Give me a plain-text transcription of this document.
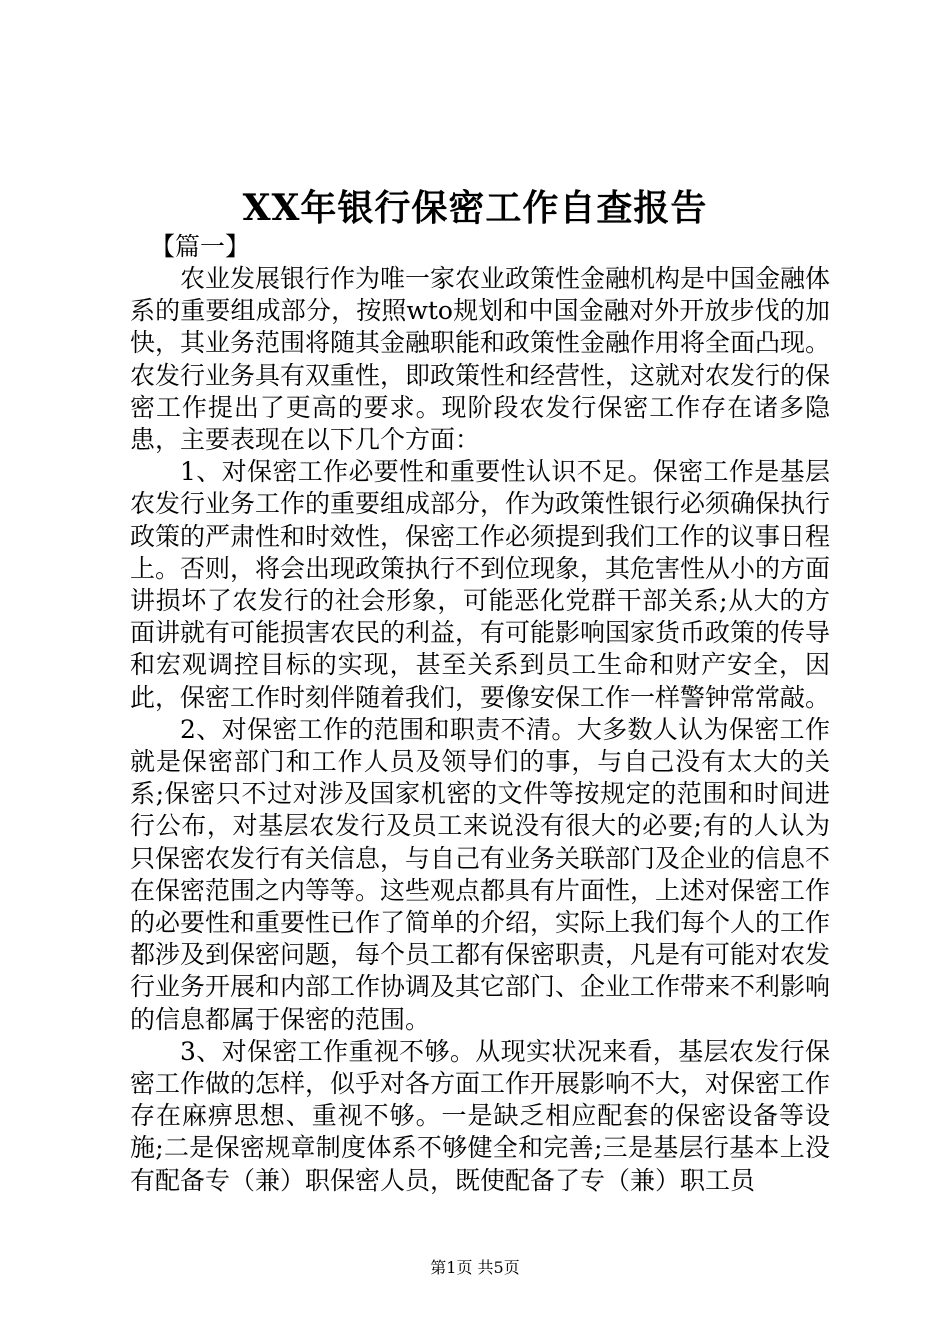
XX年银行保密工作自查报告

【篇一】

农业发展银行作为唯一家农业政策性金融机构是中国金融体系的重要组成部分，按照wto规划和中国金融对外开放步伐的加快，其业务范围将随其金融职能和政策性金融作用将全面凸现。农发行业务具有双重性，即政策性和经营性，这就对农发行的保密工作提出了更高的要求。现阶段农发行保密工作存在诸多隐患，主要表现在以下几个方面：

1、对保密工作必要性和重要性认识不足。保密工作是基层农发行业务工作的重要组成部分，作为政策性银行必须确保执行政策的严肃性和时效性，保密工作必须提到我们工作的议事日程上。否则，将会出现政策执行不到位现象，其危害性从小的方面讲损坏了农发行的社会形象，可能恶化党群干部关系;从大的方面讲就有可能损害农民的利益，有可能影响国家货币政策的传导和宏观调控目标的实现，甚至关系到员工生命和财产安全，因此，保密工作时刻伴随着我们，要像安保工作一样警钟常常敲。

2、对保密工作的范围和职责不清。大多数人认为保密工作就是保密部门和工作人员及领导们的事，与自己没有太大的关系;保密只不过对涉及国家机密的文件等按规定的范围和时间进行公布，对基层农发行及员工来说没有很大的必要;有的人认为只保密农发行有关信息，与自己有业务关联部门及企业的信息不在保密范围之内等等。这些观点都具有片面性，上述对保密工作的必要性和重要性已作了简单的介绍，实际上我们每个人的工作都涉及到保密问题，每个员工都有保密职责，凡是有可能对农发行业务开展和内部工作协调及其它部门、企业工作带来不利影响的信息都属于保密的范围。

3、对保密工作重视不够。从现实状况来看，基层农发行保密工作做的怎样，似乎对各方面工作开展影响不大，对保密工作存在麻痹思想、重视不够。一是缺乏相应配套的保密设备等设施;二是保密规章制度体系不够健全和完善;三是基层行基本上没有配备专（兼）职保密人员，既使配备了专（兼）职工员

第1页 共5页
